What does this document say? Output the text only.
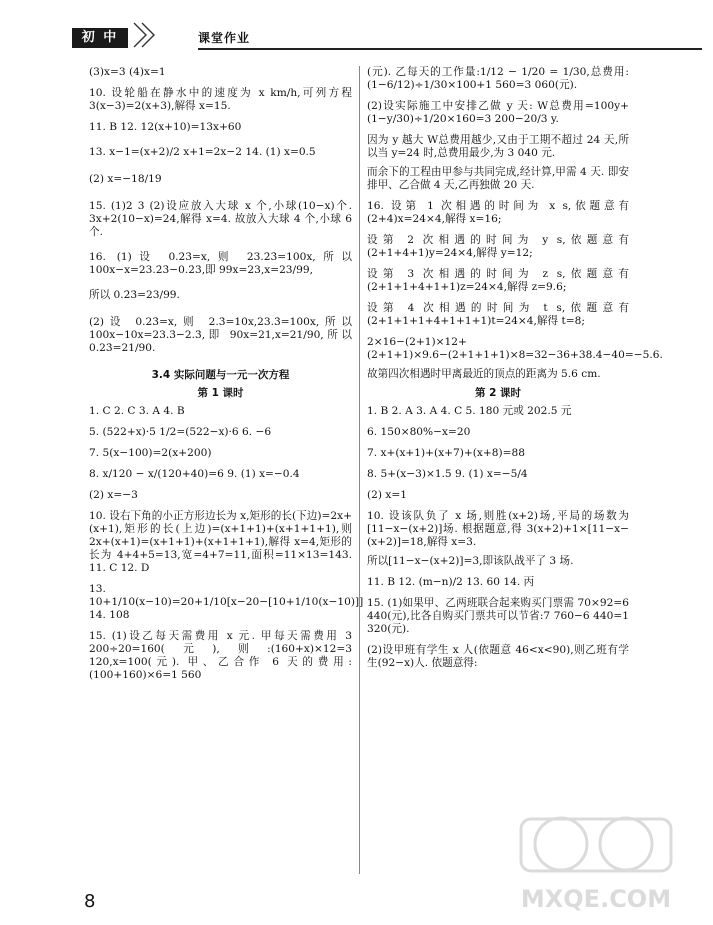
初 中	课堂作业

(3)x=3 (4)x=1

10. 设轮船在静水中的速度为 x km/h,可列方程 3(x−3)=2(x+3),解得 x=15.

11. B 12. 12(x+10)=13x+60

13. x−1=(x+2)/2 x+1=2x−2 14. (1) x=0.5

(2) x=−18/19

15. (1)2 3 (2)设应放入大球 x 个,小球(10−x)个. 3x+2(10−x)=24,解得 x=4. 故放入大球 4 个,小球 6 个.

16. (1)设 0.2̇3̇=x,则 23.2̇3̇=100x,所以 100x−x=23.2̇3̇−0.2̇3̇,即 99x=23,x=23/99,

所以 0.2̇3̇=23/99.

(2)设 0.23̇=x,则 2.3̇=10x,23.3̇=100x,所以 100x−10x=23.3̇−2.3̇,即 90x=21,x=21/90,所以 0.23̇=21/90.

3.4 实际问题与一元一次方程

第 1 课时

1. C 2. C 3. A 4. B

5. (522+x)·5 1/2=(522−x)·6 6. −6

7. 5(x−100)=2(x+200)

8. x/120 − x/(120+40)=6 9. (1) x=−0.4

(2) x=−3

10. 设右下角的小正方形边长为 x,矩形的长(下边)=2x+(x+1),矩形的长(上边)=(x+1+1)+(x+1+1+1),则 2x+(x+1)=(x+1+1)+(x+1+1+1),解得 x=4,矩形的长为 4+4+5=13,宽=4+7=11,面积=11×13=143. 11. C 12. D

13. 10+1/10(x−10)=20+1/10[x−20−[10+1/10(x−10)]] 14. 108

15. (1)设乙每天需费用 x 元. 甲每天需费用 3 200÷20=160(元),则:(160+x)×12=3 120,x=100(元). 甲、乙合作 6 天的费用:(100+160)×6=1 560

(元). 乙每天的工作量:1/12 − 1/20 = 1/30,总费用:(1−6/12)÷1/30×100+1 560=3 060(元).

(2)设实际施工中安排乙做 y 天: W总费用=100y+(1−y/30)÷1/20×160=3 200−20/3 y.

因为 y 越大 W总费用越少,又由于工期不超过 24 天,所以当 y=24 时,总费用最少,为 3 040 元.

而余下的工程由甲参与共同完成,经计算,甲需 4 天. 即安排甲、乙合做 4 天,乙再独做 20 天.

16. 设第 1 次相遇的时间为 x s,依题意有(2+4)x=24×4,解得 x=16;

设第 2 次相遇的时间为 y s,依题意有(2+1+4+1)y=24×4,解得 y=12;

设第 3 次相遇的时间为 z s,依题意有(2+1+1+4+1+1)z=24×4,解得 z=9.6;

设第 4 次相遇的时间为 t s,依题意有(2+1+1+1+4+1+1+1)t=24×4,解得 t=8;

2×16−(2+1)×12+(2+1+1)×9.6−(2+1+1+1)×8=32−36+38.4−40=−5.6.

故第四次相遇时甲离最近的顶点的距离为 5.6 cm.

第 2 课时

1. B 2. A 3. A 4. C 5. 180 元或 202.5 元

6. 150×80%−x=20

7. x+(x+1)+(x+7)+(x+8)=88

8. 5+(x−3)×1.5 9. (1) x=−5/4

(2) x=1

10. 设该队负了 x 场,则胜(x+2)场,平局的场数为[11−x−(x+2)]场. 根据题意,得 3(x+2)+1×[11−x−(x+2)]=18,解得 x=3.

所以[11−x−(x+2)]=3,即该队战平了 3 场.

11. B 12. (m−n)/2 13. 60 14. 丙

15. (1)如果甲、乙两班联合起来购买门票需 70×92=6 440(元),比各自购买门票共可以节省:7 760−6 440=1 320(元).

(2)设甲班有学生 x 人(依题意 46<x<90),则乙班有学生(92−x)人. 依题意得:

8	MXQE.COM
